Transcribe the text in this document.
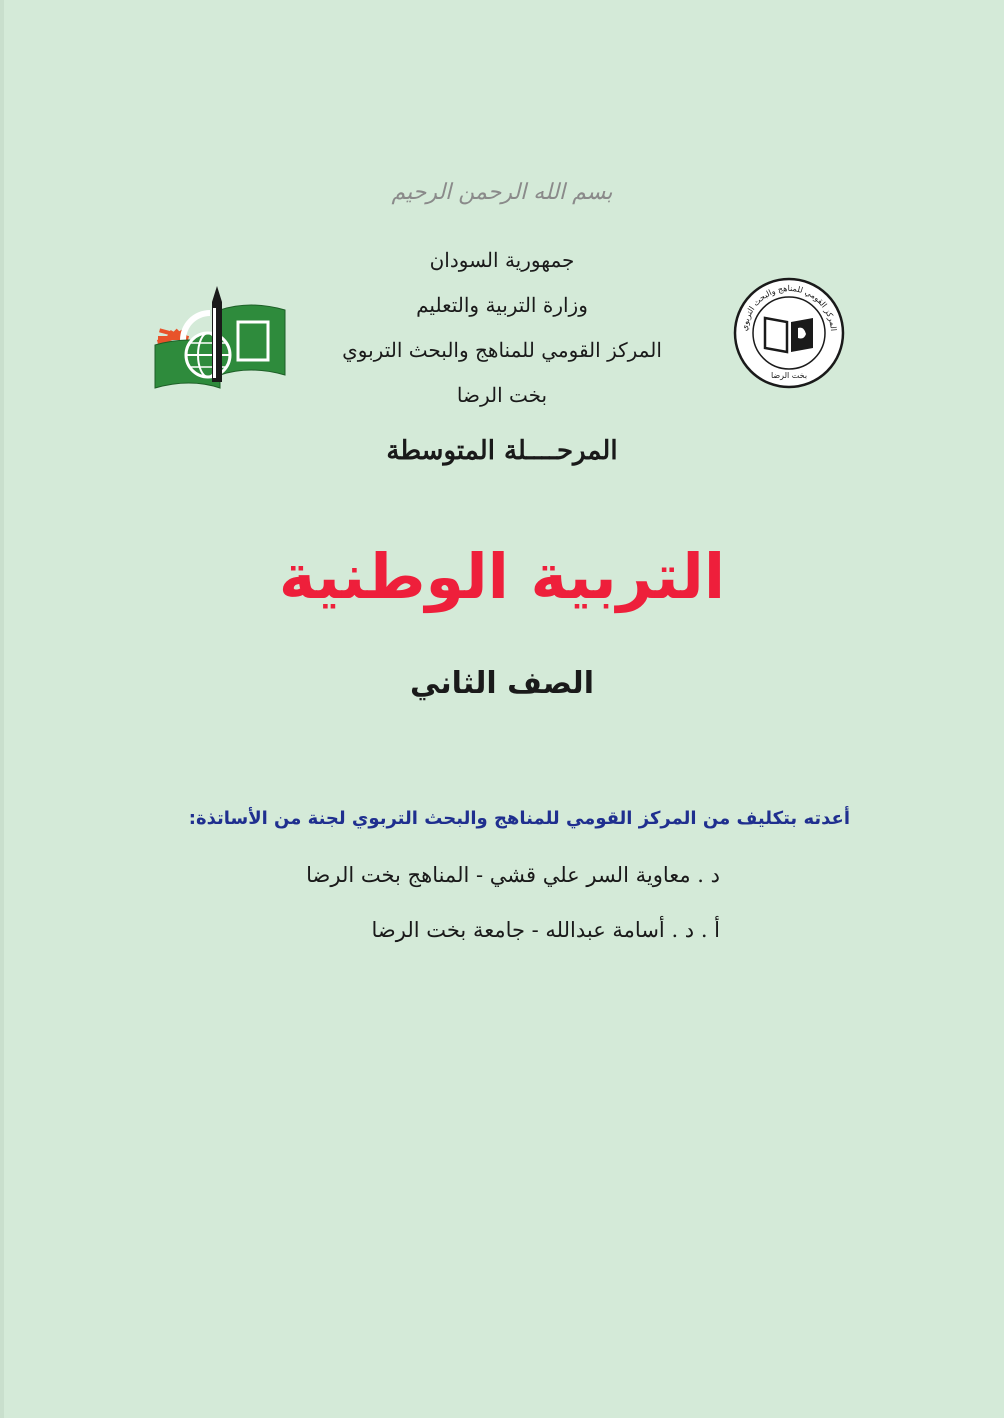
بسم الله الرحمن الرحيم
المركز القومي للمناهج والبحث التربوي
بخت الرضا
جمهورية السودان
وزارة التربية والتعليم
المركز القومي للمناهج والبحث التربوي
بخت الرضا
المرحــــلة المتوسطة
التربية الوطنية
الصف الثاني
أعدته بتكليف من المركز القومي للمناهج والبحث التربوي لجنة من الأساتذة:
د . معاوية السر علي قشي - المناهج بخت الرضا
أ . د . أسامة عبدالله - جامعة بخت الرضا
